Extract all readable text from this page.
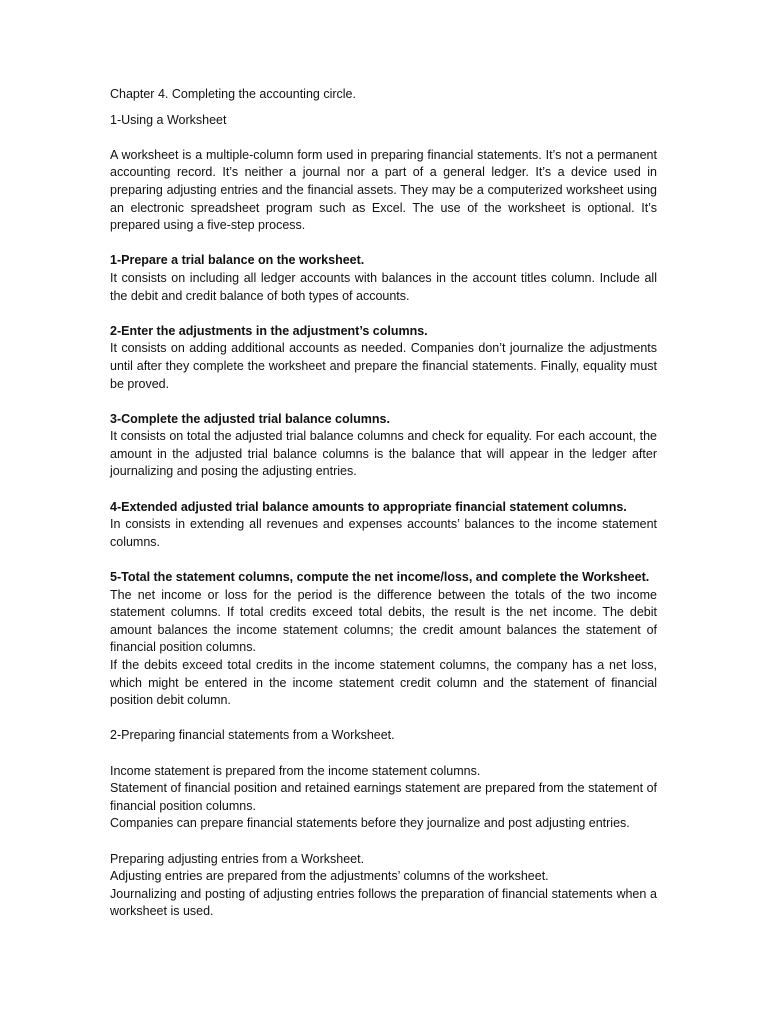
Chapter 4. Completing the accounting circle.

1-Using a Worksheet

A worksheet is a multiple-column form used in preparing financial statements. It’s not a permanent accounting record. It’s neither a journal nor a part of a general ledger. It’s a device used in preparing adjusting entries and the financial assets. They may be a computerized worksheet using an electronic spreadsheet program such as Excel. The use of the worksheet is optional. It’s prepared using a five-step process.

1-Prepare a trial balance on the worksheet.

It consists on including all ledger accounts with balances in the account titles column. Include all the debit and credit balance of both types of accounts.

2-Enter the adjustments in the adjustment’s columns.

It consists on adding additional accounts as needed. Companies don’t journalize the adjustments until after they complete the worksheet and prepare the financial statements. Finally, equality must be proved.

3-Complete the adjusted trial balance columns.

It consists on total the adjusted trial balance columns and check for equality. For each account, the amount in the adjusted trial balance columns is the balance that will appear in the ledger after journalizing and posing the adjusting entries.

4-Extended adjusted trial balance amounts to appropriate financial statement columns.

In consists in extending all revenues and expenses accounts’ balances to the income statement columns.

5-Total the statement columns, compute the net income/loss, and complete the Worksheet.

The net income or loss for the period is the difference between the totals of the two income statement columns. If total credits exceed total debits, the result is the net income. The debit amount balances the income statement columns; the credit amount balances the statement of financial position columns.

If the debits exceed total credits in the income statement columns, the company has a net loss, which might be entered in the income statement credit column and the statement of financial position debit column.

2-Preparing financial statements from a Worksheet.

Income statement is prepared from the income statement columns.

Statement of financial position and retained earnings statement are prepared from the statement of financial position columns.

Companies can prepare financial statements before they journalize and post adjusting entries.

Preparing adjusting entries from a Worksheet.

Adjusting entries are prepared from the adjustments’ columns of the worksheet.

Journalizing and posting of adjusting entries follows the preparation of financial statements when a worksheet is used.
